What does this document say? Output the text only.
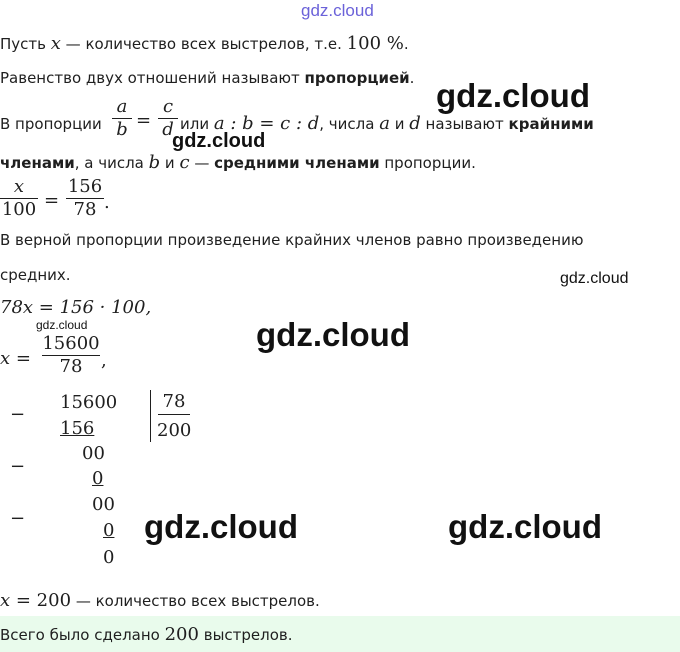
gdz.cloud
Пусть x — количество всех выстрелов, т.е. 100 %.
Равенство двух отношений называют пропорцией.
В пропорции
a
b =
c
d или a : b = c : d, числа a и d называют крайними
членами, а числа b и c — средними членами пропорции.
x
100 =
156
78 .
В верной пропорции произведение крайних членов равно произведению
средних.
78x = 156 · 100,
x =
15600
78	,
−
15600
156
78
200
−
00
0
−
00
0
0
x = 200 — количество всех выстрелов.
Всего было сделано 200 выстрелов.
gdz.cloud
gdz.cloud
gdz.cloud
gdz.cloud
gdz.cloud
gdz.cloud	gdz.cloud
